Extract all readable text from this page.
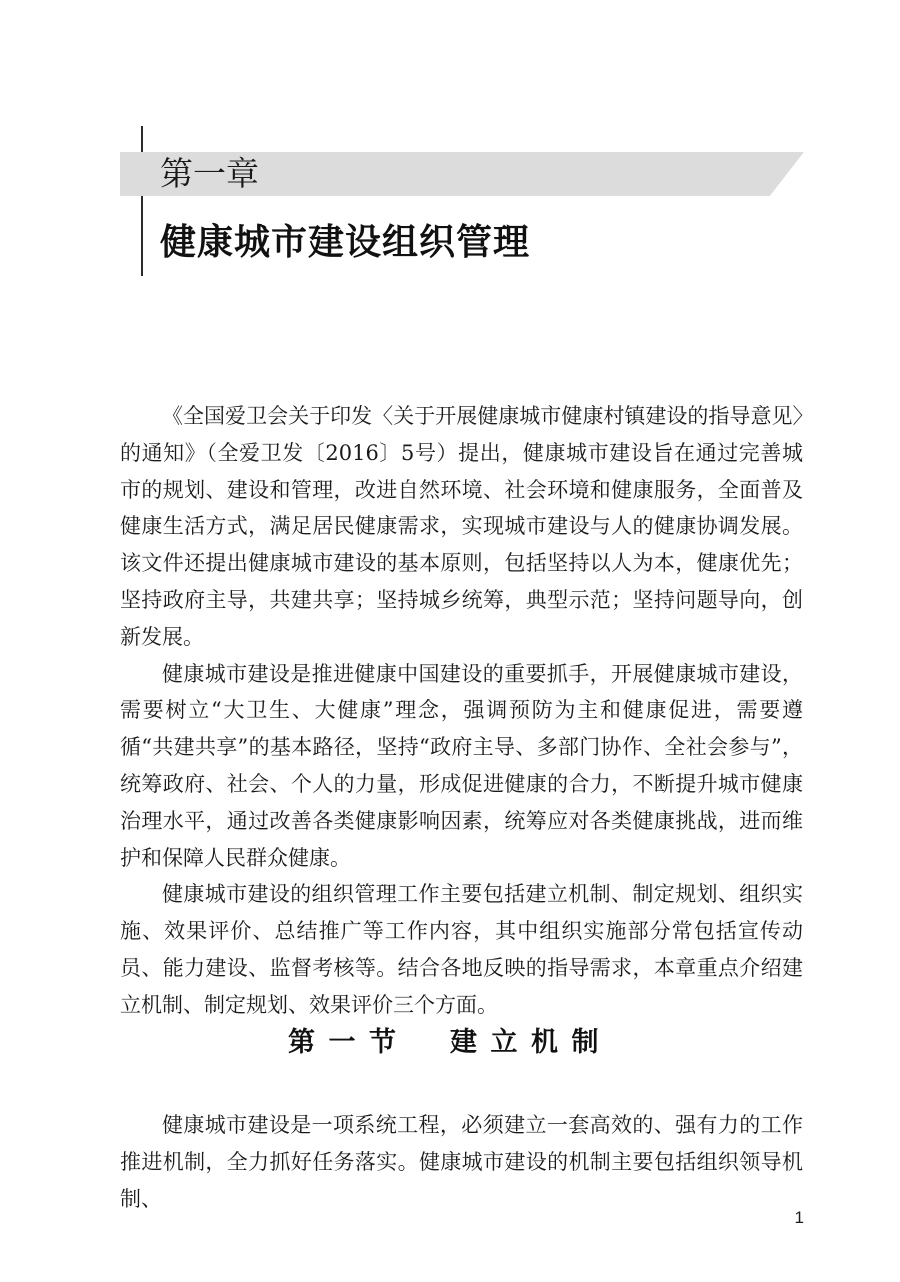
第一章
健康城市建设组织管理

《全国爱卫会关于印发〈关于开展健康城市健康村镇建设的指导意见〉的通知》（全爱卫发〔2016〕5号）提出，健康城市建设旨在通过完善城市的规划、建设和管理，改进自然环境、社会环境和健康服务，全面普及健康生活方式，满足居民健康需求，实现城市建设与人的健康协调发展。该文件还提出健康城市建设的基本原则，包括坚持以人为本，健康优先；坚持政府主导，共建共享；坚持城乡统筹，典型示范；坚持问题导向，创新发展。

健康城市建设是推进健康中国建设的重要抓手，开展健康城市建设，需要树立“大卫生、大健康”理念，强调预防为主和健康促进，需要遵循“共建共享”的基本路径，坚持“政府主导、多部门协作、全社会参与”，统筹政府、社会、个人的力量，形成促进健康的合力，不断提升城市健康治理水平，通过改善各类健康影响因素，统筹应对各类健康挑战，进而维护和保障人民群众健康。

健康城市建设的组织管理工作主要包括建立机制、制定规划、组织实施、效果评价、总结推广等工作内容，其中组织实施部分常包括宣传动员、能力建设、监督考核等。结合各地反映的指导需求，本章重点介绍建立机制、制定规划、效果评价三个方面。

第一节　建立机制

健康城市建设是一项系统工程，必须建立一套高效的、强有力的工作推进机制，全力抓好任务落实。健康城市建设的机制主要包括组织领导机制、

1
